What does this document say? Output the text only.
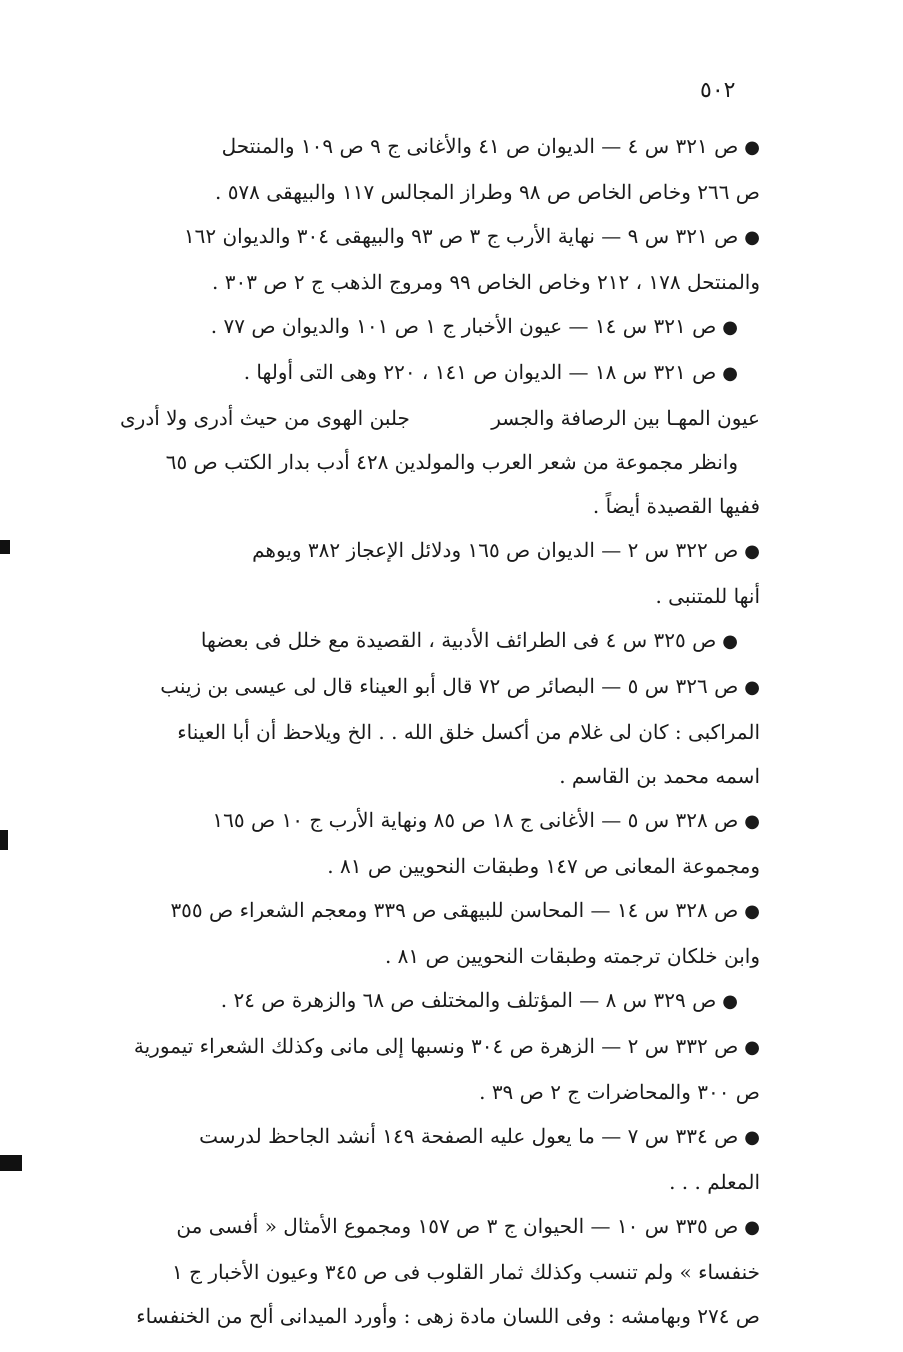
٥٠٢
●ص ٣٢١ س ٤ — الديوان ص ٤١ والأغانى ج ٩ ص ١٠٩ والمنتحل
ص ٢٦٦ وخاص الخاص ص ٩٨ وطراز المجالس ١١٧ والبيهقى ٥٧٨ .
●ص ٣٢١ س ٩ — نهاية الأرب ج ٣ ص ٩٣ والبيهقى ٣٠٤ والديوان ١٦٢
والمنتحل ١٧٨ ، ٢١٢ وخاص الخاص ٩٩ ومروج الذهب ج ٢ ص ٣٠٣ .
●ص ٣٢١ س ١٤ — عيون الأخبار ج ١ ص ١٠١ والديوان ص ٧٧ .
●ص ٣٢١ س ١٨ — الديوان ص ١٤١ ، ٢٢٠ وهى التى أولها .
عيون المهـا بين الرصافة والجسر
جلبن الهوى من حيث أدرى ولا أدرى
وانظر مجموعة من شعر العرب والمولدين ٤٢٨ أدب بدار الكتب ص ٦٥
ففيها القصيدة أيضاً .
●ص ٣٢٢ س ٢ — الديوان ص ١٦٥ ودلائل الإعجاز ٣٨٢ ويوهم
أنها للمتنبى .
●ص ٣٢٥ س ٤ فى الطرائف الأدبية ، القصيدة مع خلل فى بعضها
●ص ٣٢٦ س ٥ — البصائر ص ٧٢ قال أبو العيناء قال لى عيسى بن زينب
المراكبى : كان لى غلام من أكسل خلق الله . . الخ ويلاحظ أن أبا العيناء
اسمه محمد بن القاسم .
●ص ٣٢٨ س ٥ — الأغانى ج ١٨ ص ٨٥ ونهاية الأرب ج ١٠ ص ١٦٥
ومجموعة المعانى ص ١٤٧ وطبقات النحويين ص ٨١ .
●ص ٣٢٨ س ١٤ — المحاسن للبيهقى ص ٣٣٩ ومعجم الشعراء ص ٣٥٥
وابن خلكان ترجمته وطبقات النحويين ص ٨١ .
●ص ٣٢٩ س ٨ — المؤتلف والمختلف ص ٦٨ والزهرة ص ٢٤ .
●ص ٣٣٢ س ٢ — الزهرة ص ٣٠٤ ونسبها إلى مانى وكذلك الشعراء تيمورية
ص ٣٠٠ والمحاضرات ج ٢ ص ٣٩ .
●ص ٣٣٤ س ٧ — ما يعول عليه الصفحة ١٤٩ أنشد الجاحظ لدرست
المعلم . . .
●ص ٣٣٥ س ١٠ — الحيوان ج ٣ ص ١٥٧ ومجموع الأمثال « أفسى من
خنفساء » ولم تنسب وكذلك ثمار القلوب فى ص ٣٤٥ وعيون الأخبار ج ١
ص ٢٧٤ وبهامشه : وفى اللسان مادة زهى : وأورد الميدانى ألح من الخنفساء
